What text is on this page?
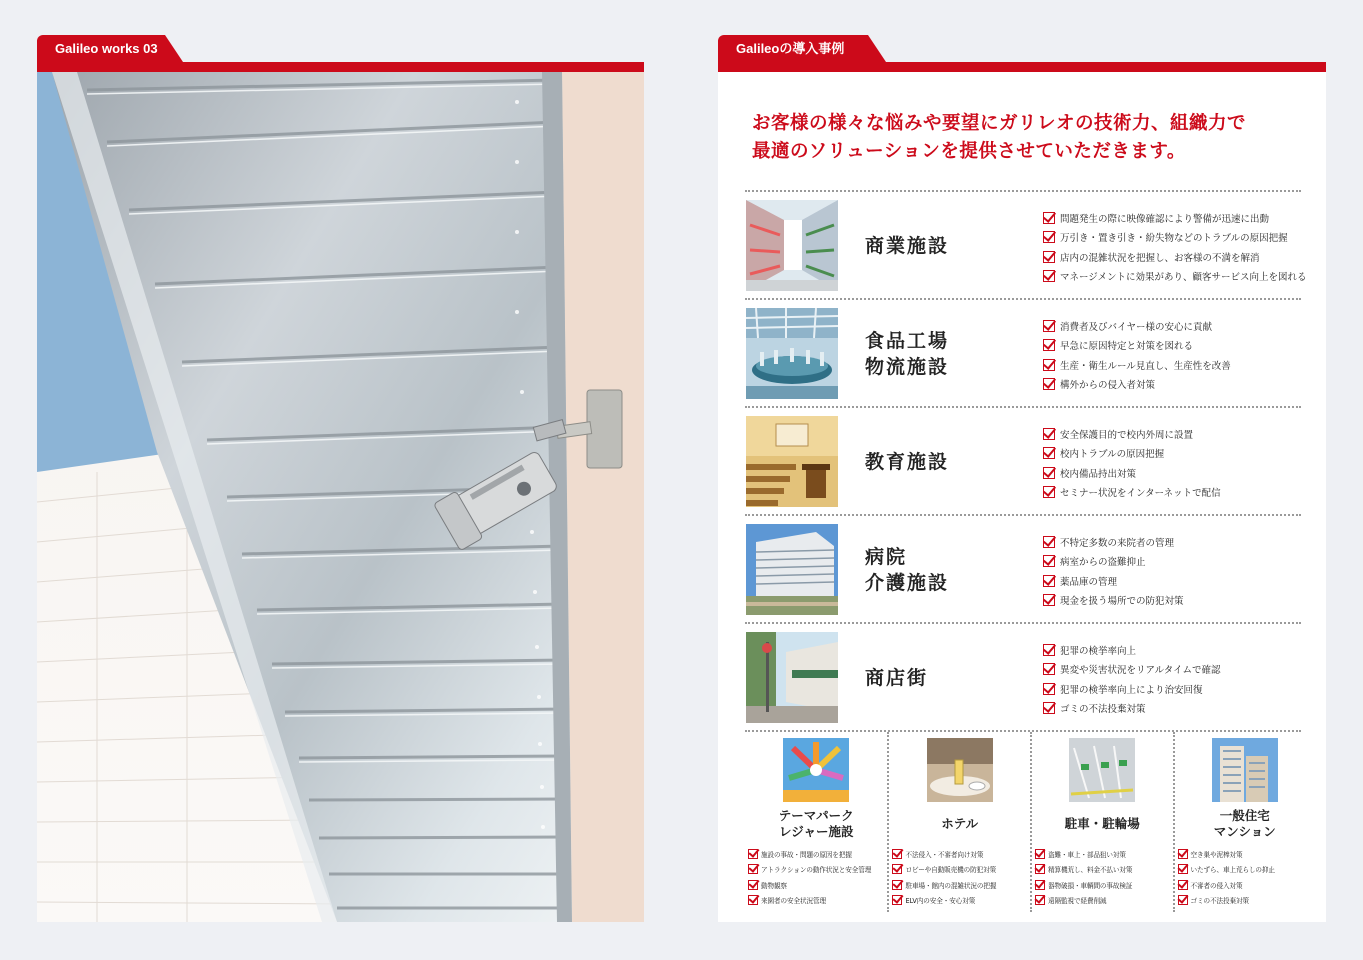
Galileo works 03	Galileoの導入事例
お客様の様々な悩みや要望にガリレオの技術力、組織力で
最適のソリューションを提供させていただきます。
商業施設
問題発生の際に映像確認により警備が迅速に出動
万引き・置き引き・紛失物などのトラブルの原因把握
店内の混雑状況を把握し、お客様の不満を解消
マネージメントに効果があり、顧客サービス向上を図れる
食品工場
物流施設
消費者及びバイヤー様の安心に貢献
早急に原因特定と対策を図れる
生産・衛生ルール見直し、生産性を改善
構外からの侵入者対策
教育施設
安全保護目的で校内外周に設置
校内トラブルの原因把握
校内備品持出対策
セミナー状況をインターネットで配信
病院
介護施設
不特定多数の来院者の管理
病室からの盗難抑止
薬品庫の管理
現金を扱う場所での防犯対策
商店街
犯罪の検挙率向上
異変や災害状況をリアルタイムで確認
犯罪の検挙率向上により治安回復
ゴミの不法投棄対策
テーマパーク
レジャー施設
施設の事故・問題の原因を把握
アトラクションの動作状況と安全管理
動物観察
来園者の安全状況管理
ホテル
不法侵入・不審者向け対策
ロビーや自動販売機の防犯対策
駐車場・館内の混雑状況の把握
ELV内の安全・安心対策
駐車・駐輪場
盗難・車上・部品狙い対策
精算機荒し、料金不払い対策
器物破損・車輌間の事故検証
遠隔監視で経費削減
一般住宅
マンション
空き巣や泥棒対策
いたずら、車上荒らしの抑止
不審者の侵入対策
ゴミの不法投棄対策
